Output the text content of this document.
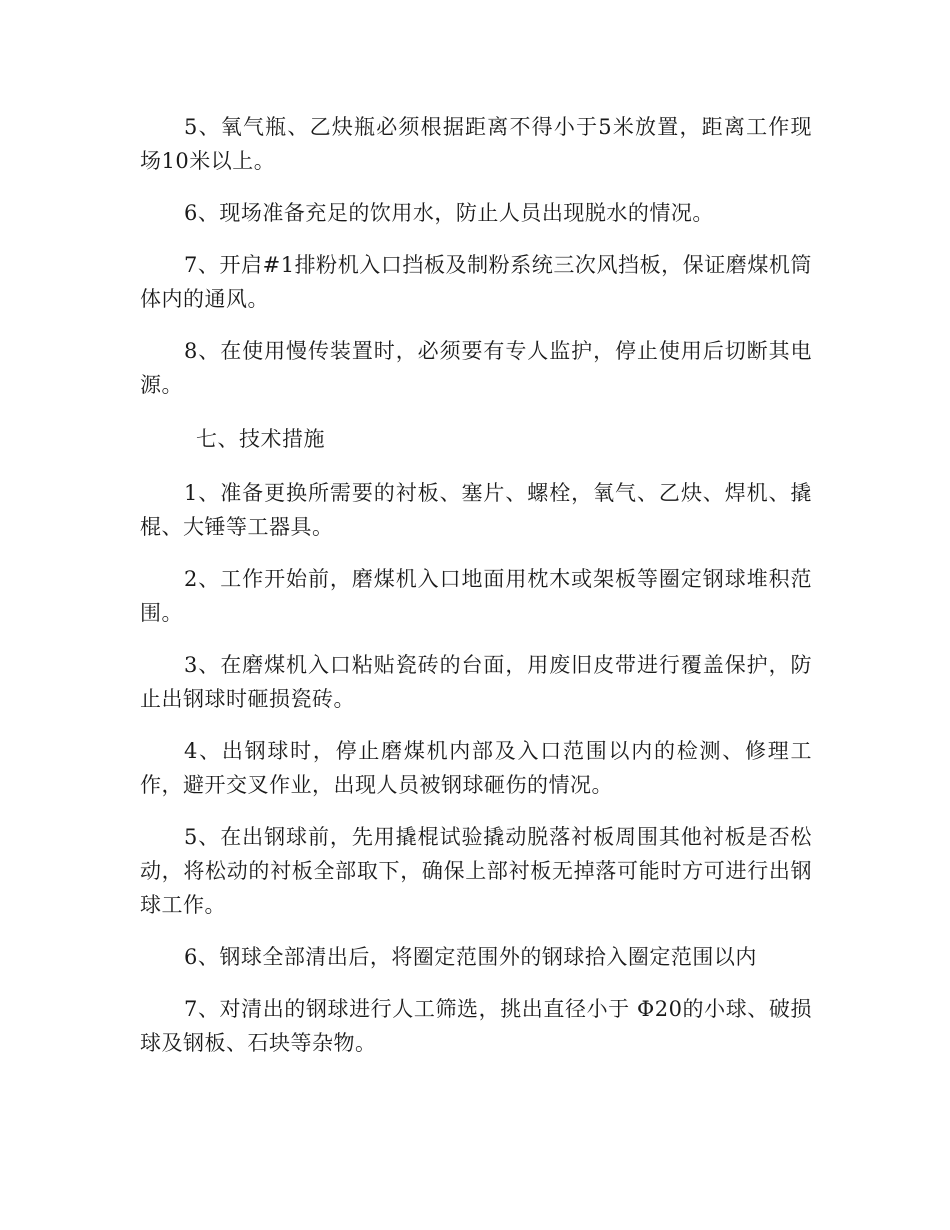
5、氧气瓶、乙炔瓶必须根据距离不得小于5米放置，距离工作现场10米以上。

6、现场准备充足的饮用水，防止人员出现脱水的情况。

7、开启#1排粉机入口挡板及制粉系统三次风挡板，保证磨煤机筒体内的通风。

8、在使用慢传装置时，必须要有专人监护，停止使用后切断其电源。

七、技术措施

1、准备更换所需要的衬板、塞片、螺栓，氧气、乙炔、焊机、撬棍、大锤等工器具。

2、工作开始前，磨煤机入口地面用枕木或架板等圈定钢球堆积范围。

3、在磨煤机入口粘贴瓷砖的台面，用废旧皮带进行覆盖保护，防止出钢球时砸损瓷砖。

4、出钢球时，停止磨煤机内部及入口范围以内的检测、修理工作，避开交叉作业，出现人员被钢球砸伤的情况。

5、在出钢球前，先用撬棍试验撬动脱落衬板周围其他衬板是否松动，将松动的衬板全部取下，确保上部衬板无掉落可能时方可进行出钢球工作。

6、钢球全部清出后，将圈定范围外的钢球拾入圈定范围以内

7、对清出的钢球进行人工筛选，挑出直径小于 Φ20的小球、破损球及钢板、石块等杂物。
